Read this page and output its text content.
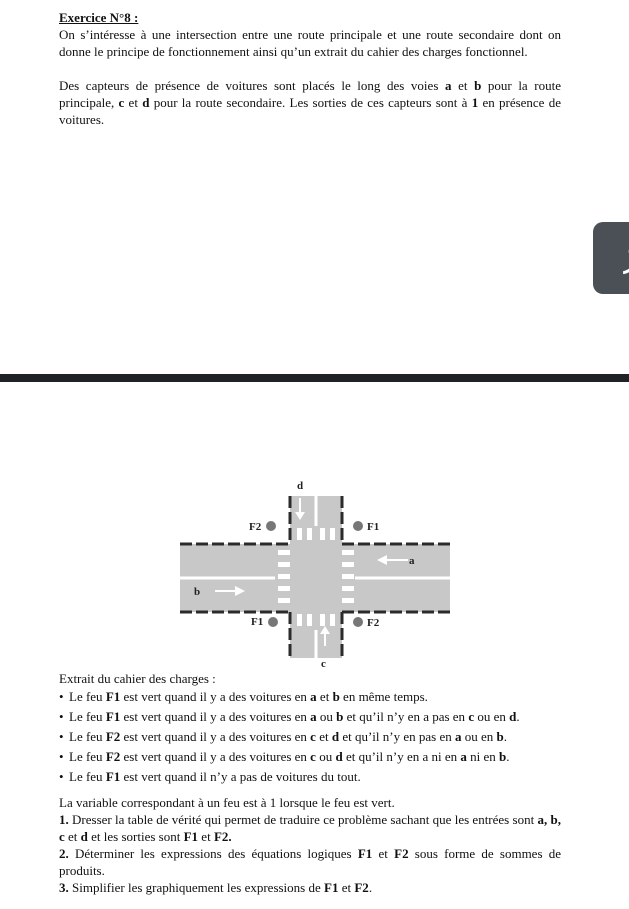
Exercice N°8 :
On s’intéresse à une intersection entre une route principale et une route secondaire dont on donne le principe de fonctionnement ainsi qu’un extrait du cahier des charges fonctionnel.
Des capteurs de présence de voitures sont placés le long des voies a et b pour la route principale, c et d pour la route secondaire. Les sorties de ces capteurs sont à 1 en présence de voitures.
F2	F1
F1	F2
d
c
a
b
Extrait du cahier des charges :
• Le feu F1 est vert quand il y a des voitures en a et b en même temps.
• Le feu F1 est vert quand il y a des voitures en a ou b et qu’il n’y en a pas en c ou en d.
• Le feu F2 est vert quand il y a des voitures en c et d et qu’il n’y en pas en a ou en b.
• Le feu F2 est vert quand il y a des voitures en c ou d et qu’il n’y en a ni en a ni en b.
• Le feu F1 est vert quand il n’y a pas de voitures du tout.
La variable correspondant à un feu est à 1 lorsque le feu est vert.
1. Dresser la table de vérité qui permet de traduire ce problème sachant que les entrées sont a, b, c et d et les sorties sont F1 et F2.
2. Déterminer les expressions des équations logiques F1 et F2 sous forme de sommes de produits.
3. Simplifier les graphiquement les expressions de F1 et F2.
